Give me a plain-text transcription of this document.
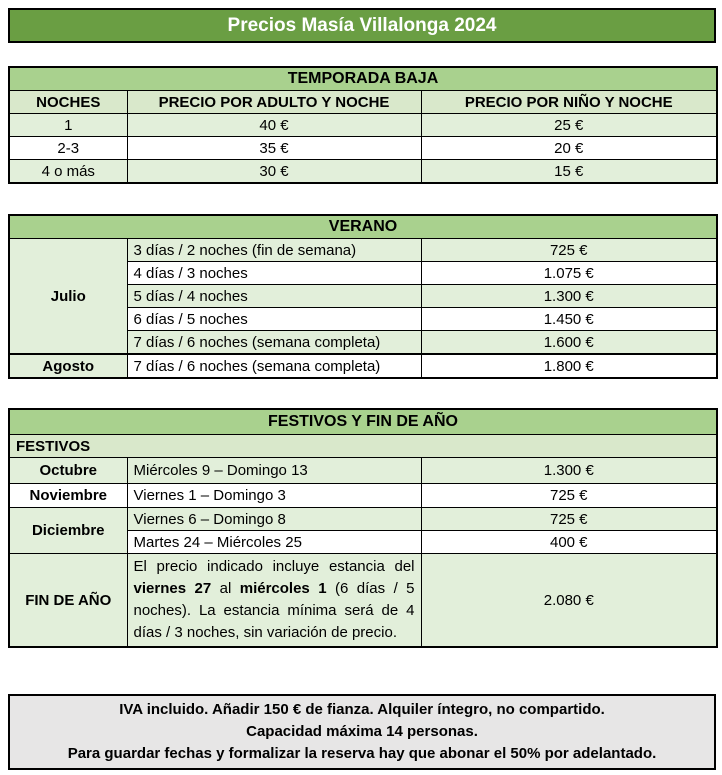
Precios Masía Villalonga 2024
TEMPORADA BAJA		
NOCHES	PRECIO POR ADULTO Y NOCHE	PRECIO POR NIÑO Y NOCHE
1	40 €	25 €
2-3	35 €	20 €
4 o más	30 €	15 €
VERANO		
Julio	3 días / 2 noches (fin de semana)	725 €
	4 días / 3 noches	1.075 €
	5 días / 4 noches	1.300 €
	6 días / 5 noches	1.450 €
	7 días / 6 noches (semana completa)	1.600 €
Agosto	7 días / 6 noches (semana completa)	1.800 €
FESTIVOS Y FIN DE AÑO		
FESTIVOS		
Octubre	Miércoles 9 – Domingo 13	1.300 €
Noviembre	Viernes 1 – Domingo 3	725 €
Diciembre	Viernes 6 – Domingo 8	725 €
	Martes 24 – Miércoles 25	400 €
FIN DE AÑO	El precio indicado incluye estancia del viernes 27 al miércoles 1 (6 días / 5 noches). La estancia mínima será de 4 días / 3 noches, sin variación de precio.	2.080 €
IVA incluido. Añadir 150 € de fianza. Alquiler íntegro, no compartido.
Capacidad máxima 14 personas.
Para guardar fechas y formalizar la reserva hay que abonar el 50% por adelantado.
